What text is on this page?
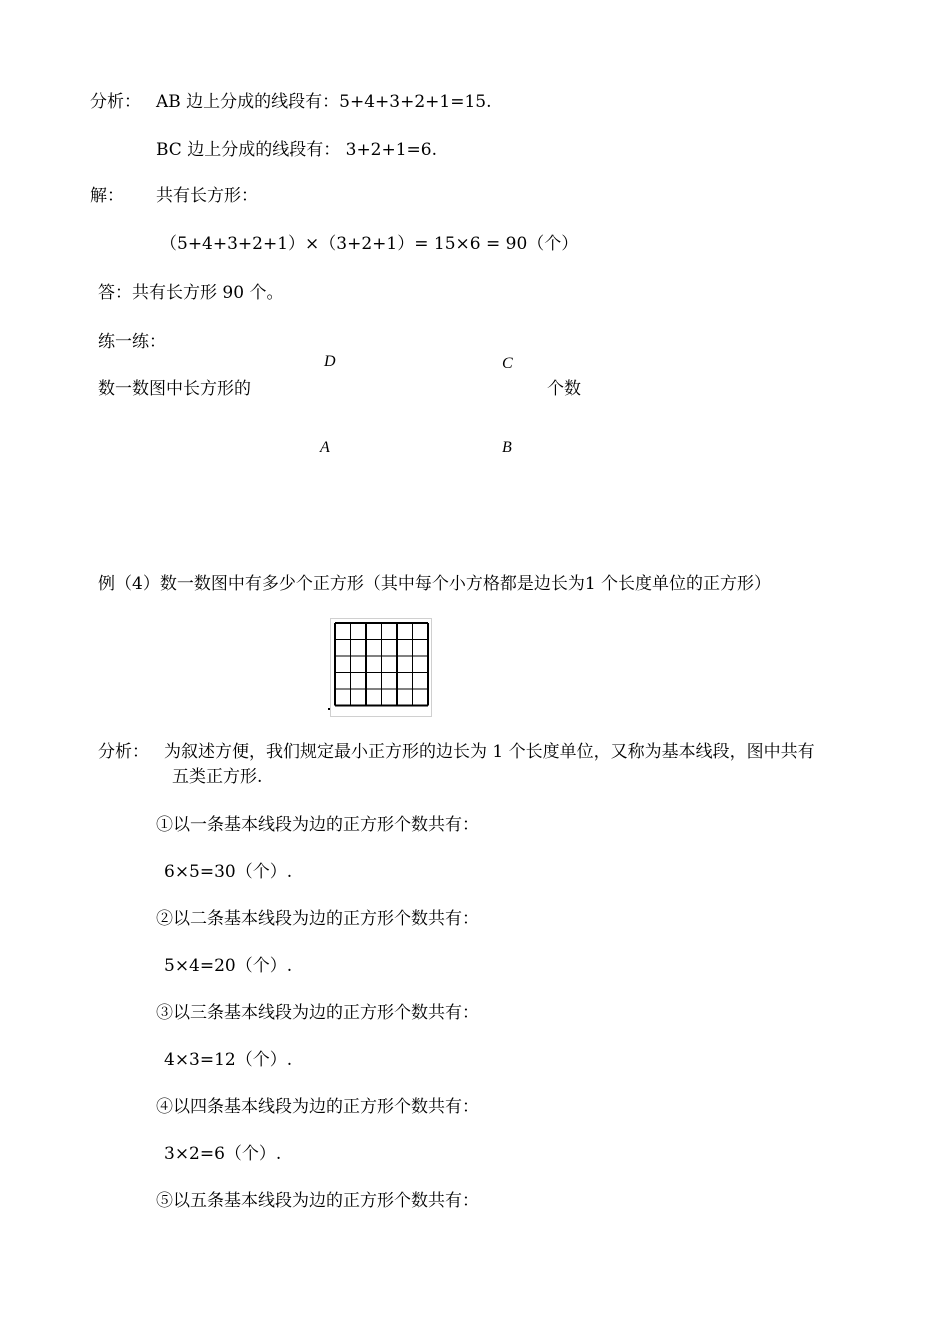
分析： AB 边上分成的线段有：5+4+3+2+1=15.
BC 边上分成的线段有： 3+2+1=6.
解： 共有长方形：
（5+4+3+2+1）×（3+2+1）= 15×6 = 90（个）
答：共有长方形 90 个。
练一练：
数一数图中长方形的	个数
D	C
A	B
例（4）数一数图中有多少个正方形（其中每个小方格都是边长为1 个长度单位的正方形）
分析： 为叙述方便，我们规定最小正方形的边长为 1 个长度单位，又称为基本线段，图中共有
五类正方形.
①以一条基本线段为边的正方形个数共有：
6×5=30（个）.
②以二条基本线段为边的正方形个数共有：
5×4=20（个）.
③以三条基本线段为边的正方形个数共有：
4×3=12（个）.
④以四条基本线段为边的正方形个数共有：
3×2=6（个）.
⑤以五条基本线段为边的正方形个数共有：
